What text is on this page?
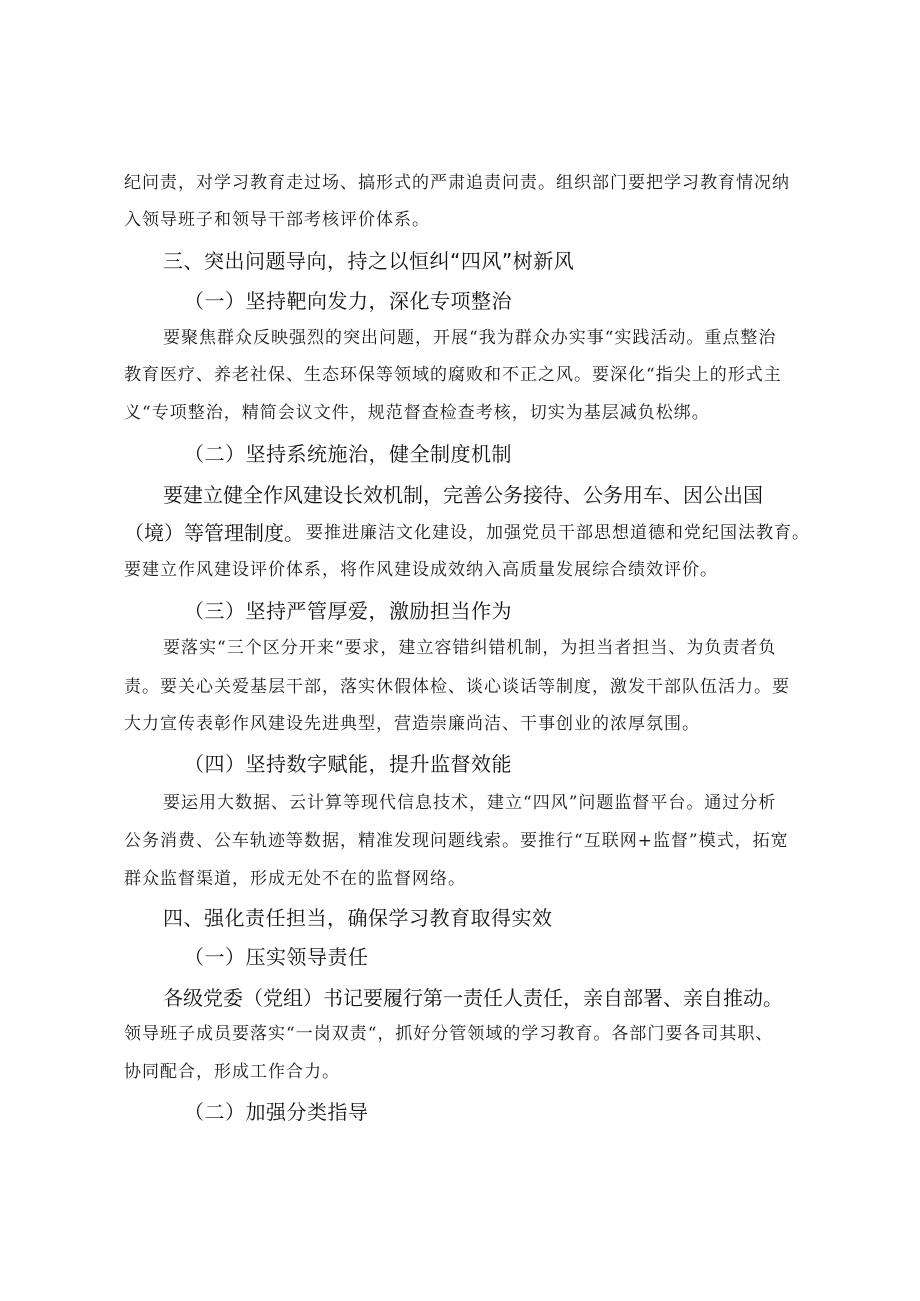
纪问责，对学习教育走过场、搞形式的严肃追责问责。组织部门要把学习教育情况纳
入领导班子和领导干部考核评价体系。
三、突出问题导向，持之以恒纠“四风”树新风
（一）坚持靶向发力，深化专项整治
要聚焦群众反映强烈的突出问题，开展“我为群众办实事“实践活动。重点整治
教育医疗、养老社保、生态环保等领域的腐败和不正之风。要深化“指尖上的形式主
义“专项整治，精简会议文件，规范督查检查考核，切实为基层减负松绑。
（二）坚持系统施治，健全制度机制
要建立健全作风建设长效机制，完善公务接待、公务用车、因公出国
（境）等管理制度。 要推进廉洁文化建设，加强党员干部思想道德和党纪国法教育。
要建立作风建设评价体系，将作风建设成效纳入高质量发展综合绩效评价。
（三）坚持严管厚爱，激励担当作为
要落实“三个区分开来“要求，建立容错纠错机制，为担当者担当、为负责者负
责。要关心关爱基层干部，落实休假体检、谈心谈话等制度，激发干部队伍活力。要
大力宣传表彰作风建设先进典型，营造崇廉尚洁、干事创业的浓厚氛围。
（四）坚持数字赋能，提升监督效能
要运用大数据、云计算等现代信息技术，建立“四风”问题监督平台。通过分析
公务消费、公车轨迹等数据，精准发现问题线索。要推行“互联网+监督”模式，拓宽
群众监督渠道，形成无处不在的监督网络。
四、强化责任担当，确保学习教育取得实效
（一）压实领导责任
各级党委（党组）书记要履行第一责任人责任，亲自部署、亲自推动。
领导班子成员要落实“一岗双责“，抓好分管领域的学习教育。各部门要各司其职、
协同配合，形成工作合力。
（二）加强分类指导
